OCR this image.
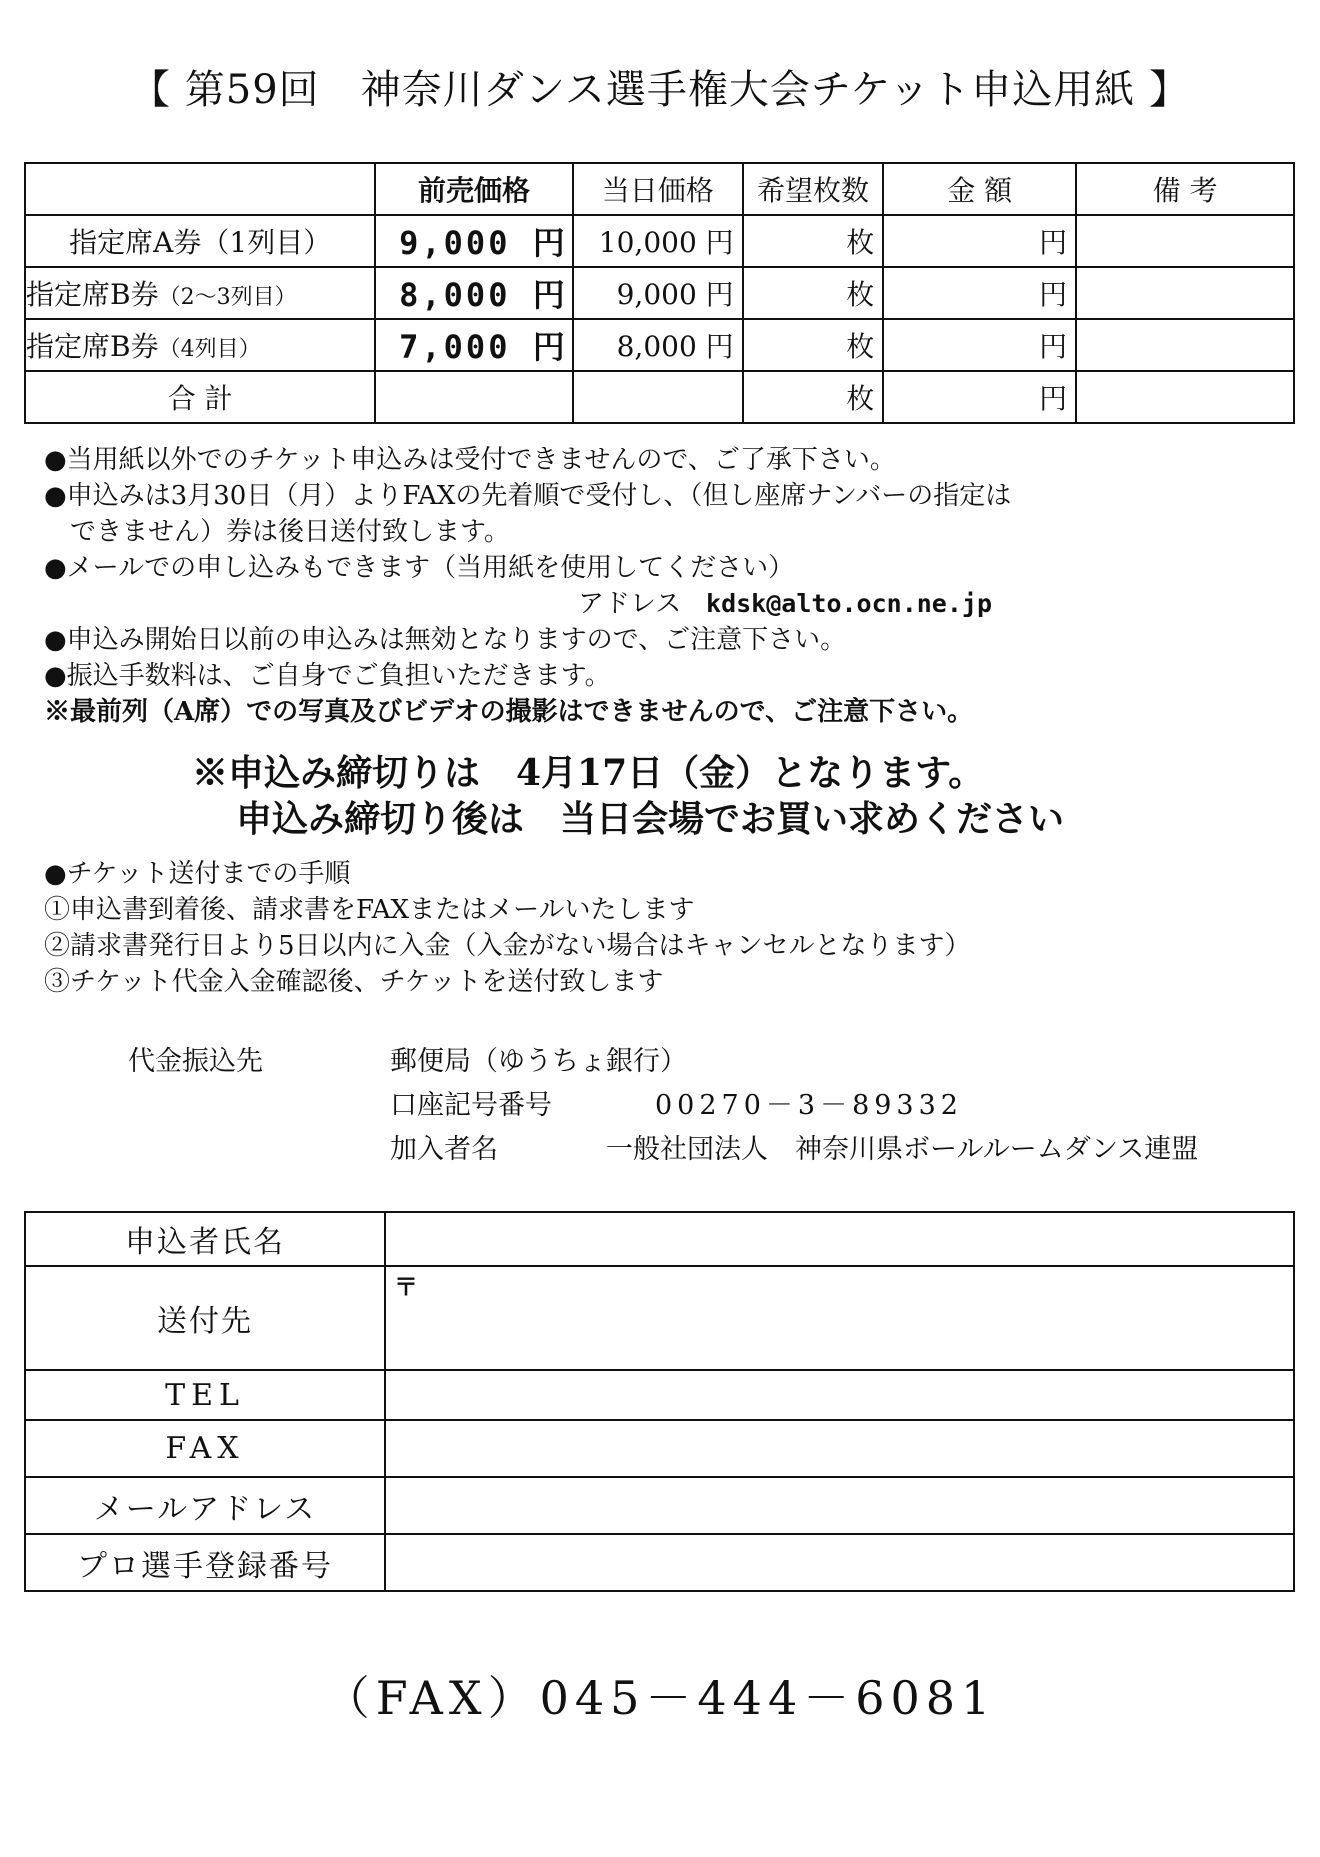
【 第59回　神奈川ダンス選手権大会チケット申込用紙 】
	前売価格	当日価格	希望枚数	金 額	備 考
指定席A券（1列目）	9,000 円	10,000 円	枚	円	
指定席B券（2〜3列目）	8,000 円	9,000 円	枚	円	
指定席B券（4列目）	7,000 円	8,000 円	枚	円	
合 計			枚	円	
●当用紙以外でのチケット申込みは受付できませんので、ご了承下さい。
●申込みは3月30日（月）よりFAXの先着順で受付し、（但し座席ナンバーの指定は
　できません）券は後日送付致します。
●メールでの申し込みもできます（当用紙を使用してください）
アドレス kdsk@alto.ocn.ne.jp
●申込み開始日以前の申込みは無効となりますので、ご注意下さい。
●振込手数料は、ご自身でご負担いただきます。
※最前列（A席）での写真及びビデオの撮影はできませんので、ご注意下さい。
※申込み締切りは　4月17日（金）となります。
申込み締切り後は　当日会場でお買い求めください
●チケット送付までの手順
①申込書到着後、請求書をFAXまたはメールいたします
②請求書発行日より5日以内に入金（入金がない場合はキャンセルとなります）
③チケット代金入金確認後、チケットを送付致します
代金振込先	郵便局（ゆうちょ銀行）
口座記号番号	00270－3－89332
加入者名	一般社団法人　神奈川県ボールルームダンス連盟
申込者氏名	
送付先	〒
TEL	
FAX	
メールアドレス	
プロ選手登録番号	
（FAX）045－444－6081
